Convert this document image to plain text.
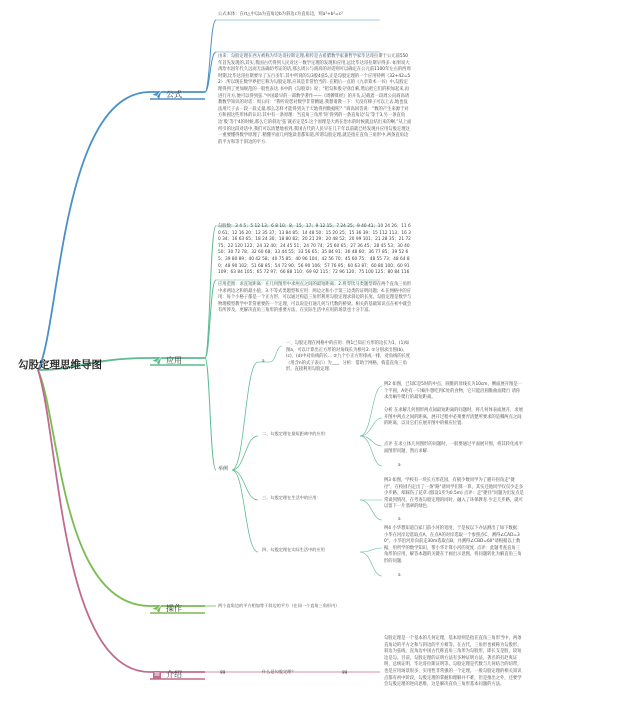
勾股定理思维导图
公式
公式本体：在rt△中以a为直角边b为斜边c为直角边，则a²+b²=c²
由来：勾股定理在西方被称为毕达哥拉斯定理,相传是古希腊数学家兼哲学家毕达哥拉斯于公元前550年首先发现的,其实,我国古代得到人民对这一数学定理的发现和应用,远比毕达哥拉斯早得多. 如果说大禹治水因年代久远而无法确切考证的话,那么周公与商高的对话则可以确定在公元前1100年左右的西周时期,比毕达哥拉斯要早了五百多年.其中所说的勾3股4弦5,正是勾股定理的一个应用特例（32+42=52）.所以现在数学界把它称为勾股定理,应该是非常恰当的. 在稍后一点的《九章算术一书》中,勾股定理得到了更加规范的一般性表达.书中的《勾股章》说；“把勾和股分别自乘,然后把它们的积加起来,再进行开方,便可以得到弦.”中国最早的一部数学著作——《周髀算经》的开头,记载着一段周公向商高请教数学知识的对话：周公问：“我听说您对数学非常精通,我想请教一下：天没有梯子可以上去,地也没法用尺子去一段一段丈量,那么怎样才能得到关于天地得到数据呢？”商高回答说：“数的产生来源于对方和圆这些形体的认识.其中有一条原理：当直角三角形‘矩’得到的一条直角边‘勾’等于3,另一条直角边‘股’等于4的时候,那么它的斜边‘弦’就必定是5.这个原理是大禹在治水的时候就总结出来的啊.”从上面所引的这段对话中,我们可以清楚地看到,我国古代的人民早在几千年以前就已经发现并应用勾股定理这一重要懂得数学原理了.稍懂平面几何饱读者都知道,所谓勾股定理,就是指在直角三角形中,两条直角边的平方和等于斜边的平方.
应用
勾股数：3 4 5；5 12 13；6 8 10；8，15，17；9 12 15；7 24 25；9 40 41；10 24 26；11 60 61；12 16 20；12 35 37；13 84 85；14 48 50；15 20 25；15 36 39；15 112 113；16 30 34；16 63 65；18 24 30；18 80 82；20 21 29；20 48 52；20 99 101；21 28 35；21 72 75；22 120 122；24 32 40；24 45 51；24 70 74；25 60 65；27 36 45；28 45 53；30 40 50；30 72 78；32 60 68；33 44 55；33 56 65；35 84 91；36 48 60；36 77 85；39 52 65；39 80 89；40 42 58；40 75 85；40 96 104；42 56 70；45 60 75； 48 55 73；48 64 80；48 90 102；51 68 85；54 72 90；56 90 106；57 76 95；60 63 87；60 80 100；60 91 109；63 84 105；65 72 97；66 88 110；69 92 115；72 96 120；75 100 125；80 84 116
应用范围：求直短距离：在几何图形中求两点之间的最短距离；2.将零饮马类题型即在两个直角三角形中求两边之和的最小值；3.不等式类题型和应用：两边之和小于第三边类的证明问题；4.在网格中的应用：每个小格子都是一个正方形，可以通过构造三角形利用勾股定理求斜边的长度。勾股定理是数学与物理模型教学中非常重要的一个定理，可以说是打通几何与代数的桥梁。相关的基础知识点在初中就会有所涉及，更解决直角三角形的重要方法，在实际生活中应用的场景也十分丰富。
举例
a
一、勾股定理在网格中的应用：例1已知正方形的边长为1，(1)如图a，可以计算出正方形的对角线长为根号2. ①分别求出图(b)、(c)、(d)中对角线的长... ②九个小正方形排成一排，对角线的长度（用含n的式子表示）为___，分析：借助于网格，构造直角三角形，直接利用勾股定理.
二、勾股定理在最短距离中的应用：
例2 如图，已知C是5时的中点，圆锥的母线长为10cm，侧面展开图是一个半圆，A处有一只蜗牛想吃到C处的食物，它只能沿圆锥曲面爬行 请你求出蜗牛爬行的最短距离。
分析 在求解几何图形两点间最短距离的问题时，将几何体表面展开，求展开图中两点之间的距离，展开过程中必须要弄清楚所要求的是哪两点之间的距离，以及它们在展开图中的相应位置.
点评 在求立体几何图形的问题时，一般要通过平面展开图，将其转化成平面图形问题，然后求解.
a
三、勾股定理在生活中的应用：
例3 如图，学校有一块长方形花园，有极少数同学为了避开拐角走"捷径"，在校园内走出了一条"路"请同学们算一算，其实还他同学仅仅少走多少步路，却踩伤了花草.(假设1步为0.5m) 点评：走"捷径"问题为出发点是常谈到情况，在考查勾股定理的同时，融入了环保教育.少走几步路，就可以留下一片翡翠的绿色.
a
四、勾股定理在实际生活中的应用
例4 小华想知道自家门前小河的宽度，于是按以下办法测出了如下数据：小华在河岸边选取点A，在点A的对岸选取一个参照点C，测得∠CAD=30°，小华沿河岸向前走30m选取点B，并测得∠CBD=60°请根据以上数据，用所学的数学知识，帮小华计算小河的宽度. 点评：此题考查直角三角形的应用，解答本题的关键在于画出示意图，将问题转化为解直角三角形的问题.
a
操作	两个直角边的平方相加等于斜边的平方（在同一个直角三角形内）
介绍	gg	什么是勾股定理？	gg
勾股定理是一个基本的几何定理，基本原则是指在直角三角形当中，两条直角边的平方之和与斜边的平方相等。在古代，三角形也被称为勾股形，斜边为弦线，直角边中国古代称直角三角形为勾股形，即长支是股，较短边是勾。目前，勾股定理的证明方法有多种证明方法，著名的有赵爽证明、总统证明、毕达哥拉斯证明等。勾股定理是代数与几何结合的纽带，也是应用场景很多，实用性非常强的一个定理。一般勾股定理的相关知识点都有初中阶段，勾股定理的掌握和理解并不难，但是推出之外，还要学会勾股定理的逆向思维，这是解决直角三角形基本问题的方法。
